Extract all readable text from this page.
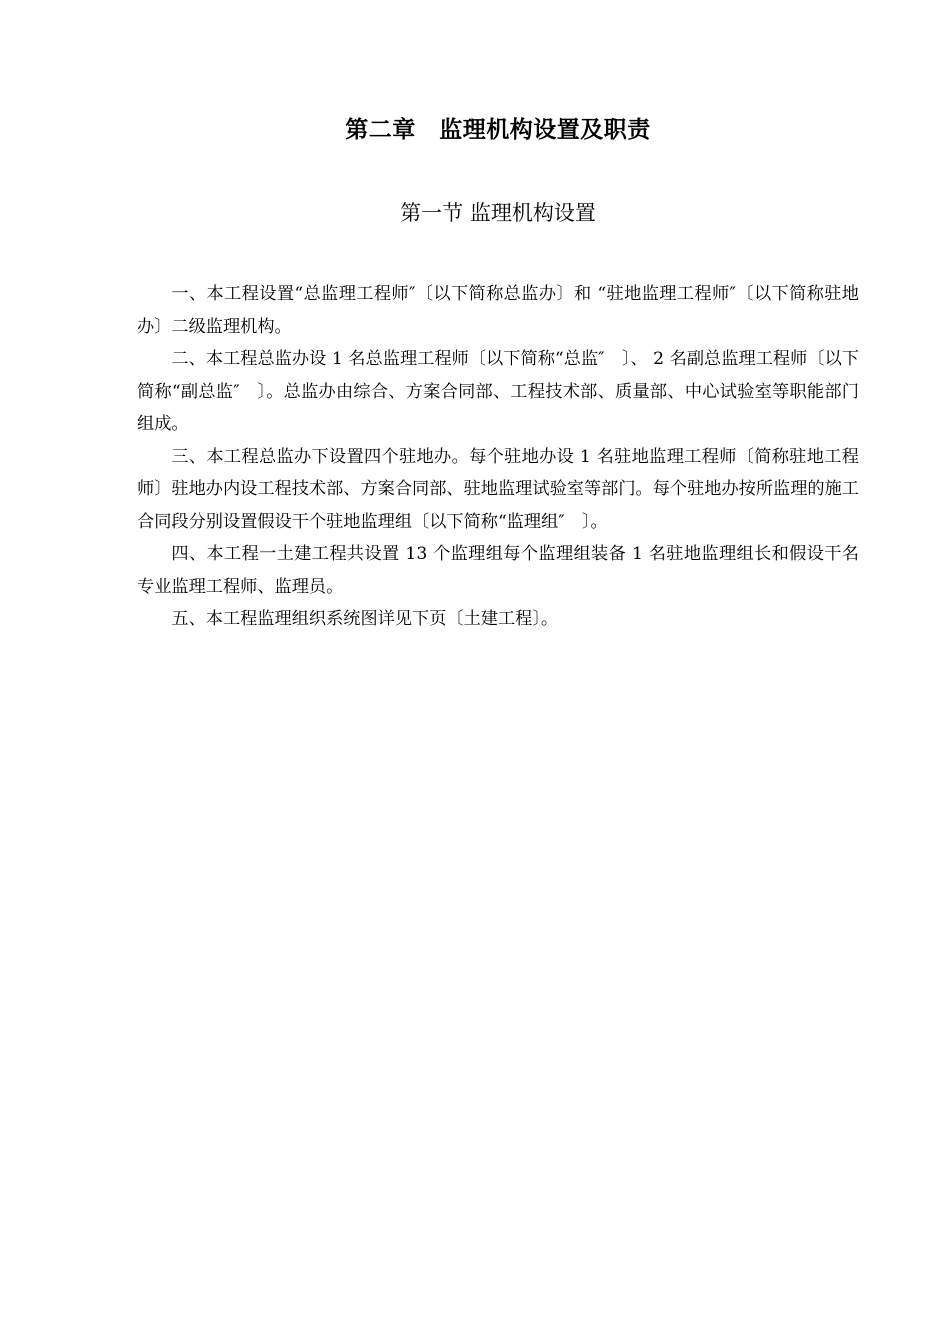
第二章　监理机构设置及职责
第一节 监理机构设置

一、本工程设置“总监理工程师″〔以下简称总监办〕和 “驻地监理工程师″〔以下简称驻地办〕二级监理机构。

二、本工程总监办设 1 名总监理工程师〔以下简称“总监″　〕、 2 名副总监理工程师〔以下简称“副总监″　〕。总监办由综合、方案合同部、工程技术部、质量部、中心试验室等职能部门组成。

三、本工程总监办下设置四个驻地办。每个驻地办设 1 名驻地监理工程师〔简称驻地工程师〕驻地办内设工程技术部、方案合同部、驻地监理试验室等部门。每个驻地办按所监理的施工合同段分别设置假设干个驻地监理组〔以下简称“监理组″　〕。

四、本工程一土建工程共设置 13 个监理组每个监理组装备 1 名驻地监理组长和假设干名专业监理工程师、监理员。

五、本工程监理组织系统图详见下页〔土建工程〕。
